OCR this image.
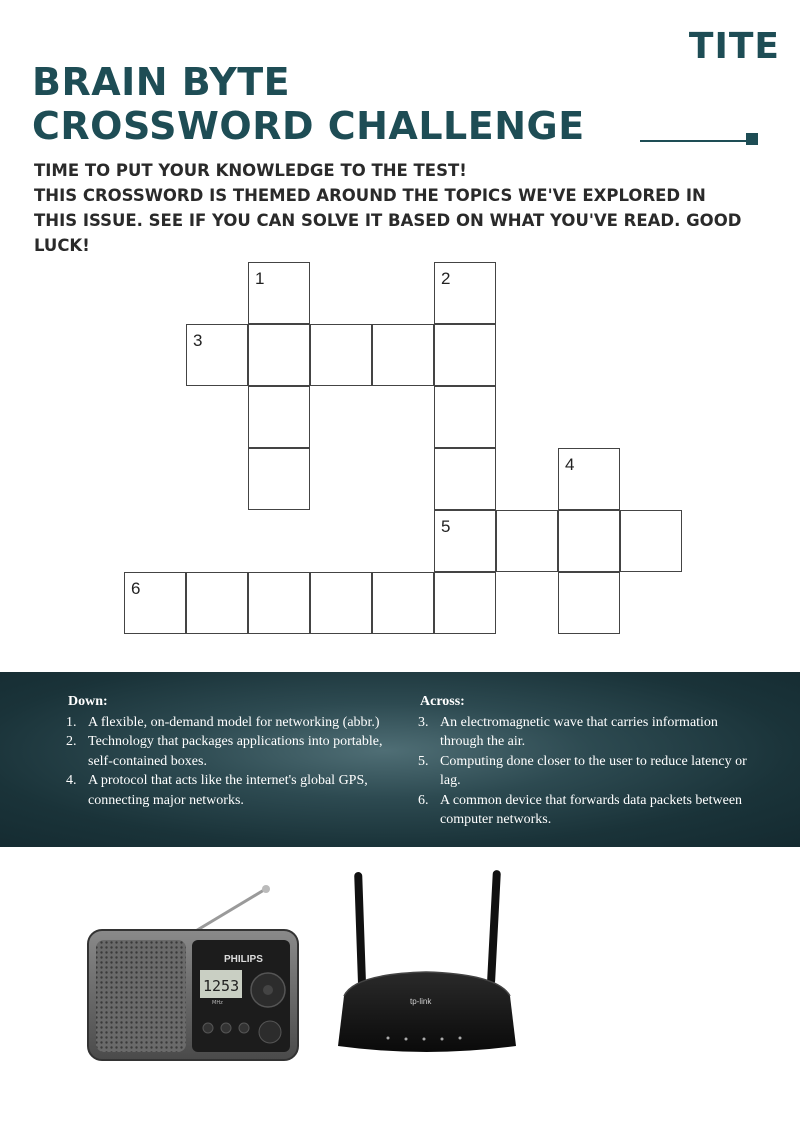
TITE
BRAIN BYTE
CROSSWORD CHALLENGE

TIME TO PUT YOUR KNOWLEDGE TO THE TEST!

THIS CROSSWORD IS THEMED AROUND THE TOPICS WE'VE EXPLORED IN THIS ISSUE. SEE IF YOU CAN SOLVE IT BASED ON WHAT YOU'VE READ. GOOD LUCK!

1
3
2
5
4
6
Down:
1. A flexible, on-demand model for networking (abbr.)
2. Technology that packages applications into portable, self-contained boxes.
4. A protocol that acts like the internet's global GPS, connecting major networks.
Across:
3. An electromagnetic wave that carries information through the air.
5. Computing done closer to the user to reduce latency or lag.
6. A common device that forwards data packets between computer networks.
PHILIPS
1253
MHz	tp-link
